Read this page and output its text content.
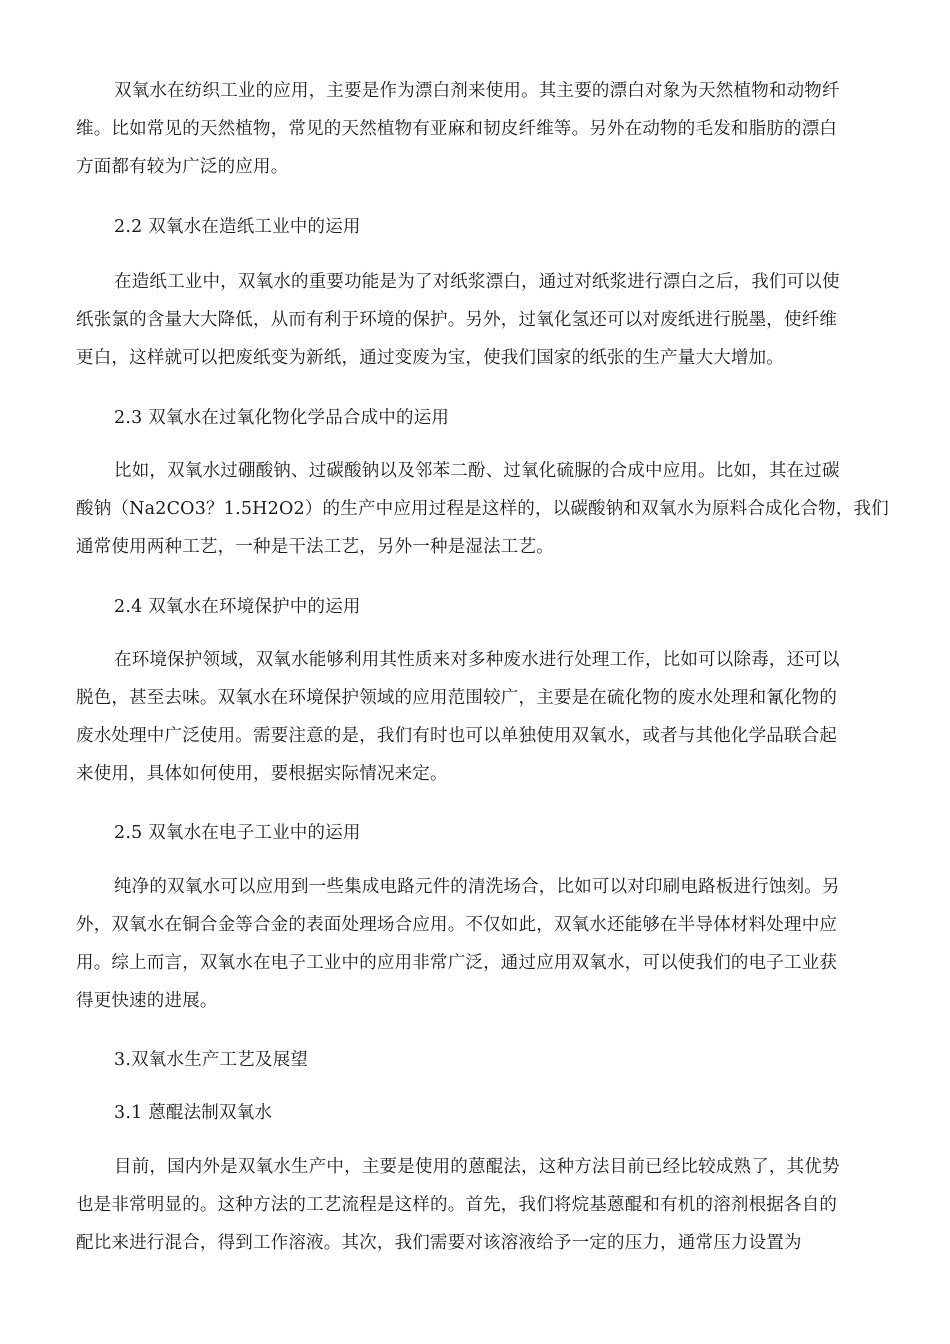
双氧水在纺织工业的应用，主要是作为漂白剂来使用。其主要的漂白对象为天然植物和动物纤
维。比如常见的天然植物，常见的天然植物有亚麻和韧皮纤维等。另外在动物的毛发和脂肪的漂白
方面都有较为广泛的应用。
2.2 双氧水在造纸工业中的运用
在造纸工业中，双氧水的重要功能是为了对纸浆漂白，通过对纸浆进行漂白之后，我们可以使
纸张氯的含量大大降低，从而有利于环境的保护。另外，过氧化氢还可以对废纸进行脱墨，使纤维
更白，这样就可以把废纸变为新纸，通过变废为宝，使我们国家的纸张的生产量大大增加。
2.3 双氧水在过氧化物化学品合成中的运用
比如，双氧水过硼酸钠、过碳酸钠以及邻苯二酚、过氧化硫脲的合成中应用。比如，其在过碳
酸钠（Na2CO3？1.5H2O2）的生产中应用过程是这样的，以碳酸钠和双氧水为原料合成化合物，我们
通常使用两种工艺，一种是干法工艺，另外一种是湿法工艺。
2.4 双氧水在环境保护中的运用
在环境保护领域，双氧水能够利用其性质来对多种废水进行处理工作，比如可以除毒，还可以
脱色，甚至去味。双氧水在环境保护领域的应用范围较广，主要是在硫化物的废水处理和氰化物的
废水处理中广泛使用。需要注意的是，我们有时也可以单独使用双氧水，或者与其他化学品联合起
来使用，具体如何使用，要根据实际情况来定。
2.5 双氧水在电子工业中的运用
纯净的双氧水可以应用到一些集成电路元件的清洗场合，比如可以对印刷电路板进行蚀刻。另
外，双氧水在铜合金等合金的表面处理场合应用。不仅如此，双氧水还能够在半导体材料处理中应
用。综上而言，双氧水在电子工业中的应用非常广泛，通过应用双氧水，可以使我们的电子工业获
得更快速的进展。
3.双氧水生产工艺及展望
3.1 蒽醌法制双氧水
目前，国内外是双氧水生产中，主要是使用的蒽醌法，这种方法目前已经比较成熟了，其优势
也是非常明显的。这种方法的工艺流程是这样的。首先，我们将烷基蒽醌和有机的溶剂根据各自的
配比来进行混合，得到工作溶液。其次，我们需要对该溶液给予一定的压力，通常压力设置为
